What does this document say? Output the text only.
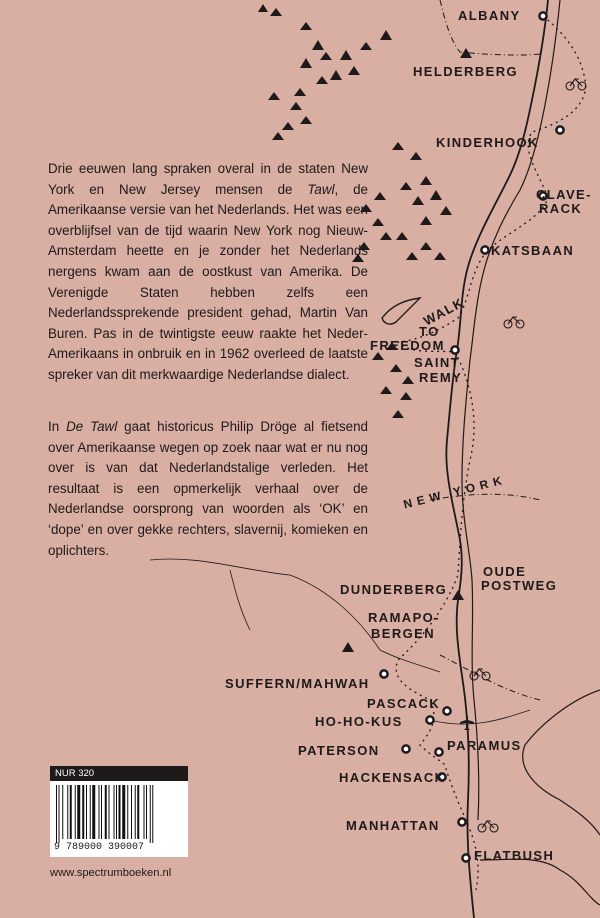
Drie eeuwen lang spraken overal in de staten New York en New Jersey mensen de Tawl, de Amerikaanse versie van het Nederlands. Het was een overblijfsel van de tijd waarin New York nog Nieuw-Amsterdam heette en je zonder het Nederlands nergens kwam aan de oostkust van Amerika. De Verenigde Staten hebben zelfs een Nederlandssprekende president gehad, Martin Van Buren. Pas in de twintigste eeuw raakte het Neder-Amerikaans in onbruik en in 1962 overleed de laatste spreker van dit merkwaardige Nederlandse dialect.

In De Tawl gaat historicus Philip Dröge al fietsend over Amerikaanse wegen op zoek naar wat er nu nog over is van dat Nederlandstalige verleden. Het resultaat is een opmerkelijk verhaal over de Nederlandse oorsprong van woorden als ‘OK’ en ‘dope’ en over gekke rechters, slavernij, komieken en oplichters.

ALBANY
HELDERBERG
KINDERHOOK
CLAVE-
RACK
KATSBAAN
WALK
TO
FREEDOM
SAINT
REMY
NEW YORK
OUDE
POSTWEG
DUNDERBERG
RAMAPO-
BERGEN
SUFFERN/MAHWAH
PASCACK
HO-HO-KUS
PATERSON	PARAMUS
HACKENSACK
MANHATTAN
FLATBUSH
NUR 320
9 789000 390007
www.spectrumboeken.nl
